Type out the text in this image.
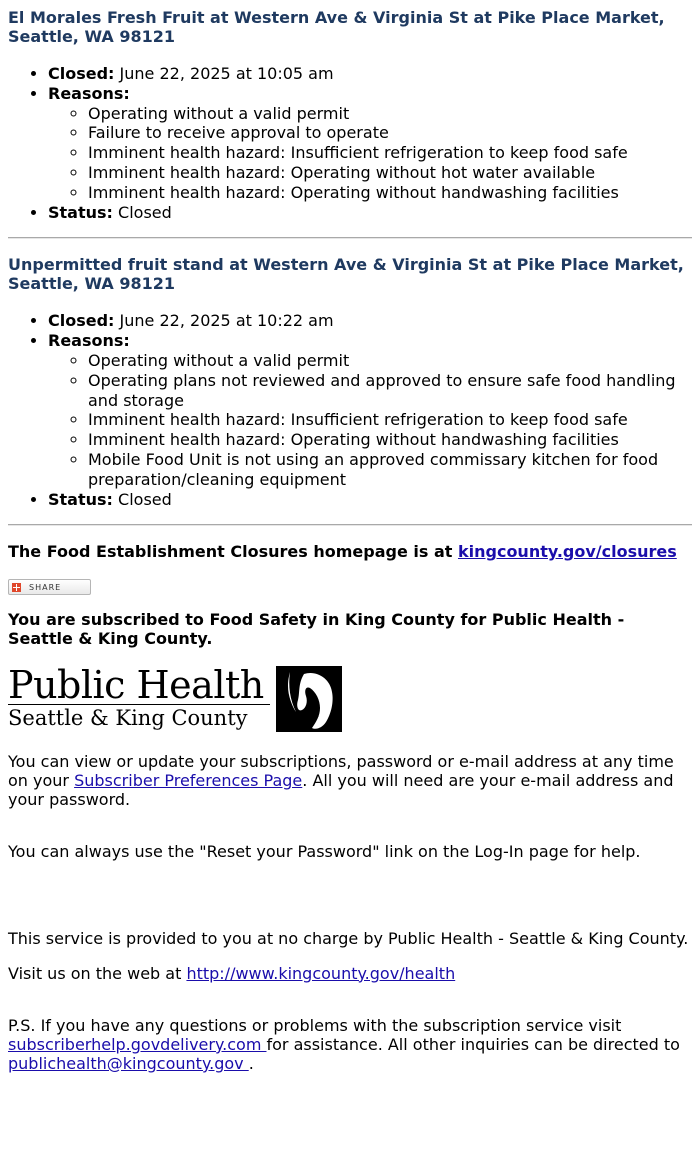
El Morales Fresh Fruit at Western Ave & Virginia St at Pike Place Market, Seattle, WA 98121
• Closed: June 22, 2025 at 10:05 am
• Reasons:
◦ Operating without a valid permit
◦ Failure to receive approval to operate
◦ Imminent health hazard: Insufficient refrigeration to keep food safe
◦ Imminent health hazard: Operating without hot water available
◦ Imminent health hazard: Operating without handwashing facilities
• Status: Closed
Unpermitted fruit stand at Western Ave & Virginia St at Pike Place Market, Seattle, WA 98121
• Closed: June 22, 2025 at 10:22 am
• Reasons:
◦ Operating without a valid permit
◦ Operating plans not reviewed and approved to ensure safe food handling and storage
◦ Imminent health hazard: Insufficient refrigeration to keep food safe
◦ Imminent health hazard: Operating without handwashing facilities
◦ Mobile Food Unit is not using an approved commissary kitchen for food preparation/cleaning equipment
• Status: Closed

The Food Establishment Closures homepage is at kingcounty.gov/closures

SHARE

You are subscribed to Food Safety in King County for Public Health - Seattle & King County.

Public Health
Seattle & King County

You can view or update your subscriptions, password or e-mail address at any time on your Subscriber Preferences Page. All you will need are your e-mail address and your password.

You can always use the "Reset your Password" link on the Log-In page for help.

This service is provided to you at no charge by Public Health - Seattle & King County.

Visit us on the web at http://www.kingcounty.gov/health

P.S. If you have any questions or problems with the subscription service visit subscriberhelp.govdelivery.com for assistance. All other inquiries can be directed to publichealth@kingcounty.gov .
